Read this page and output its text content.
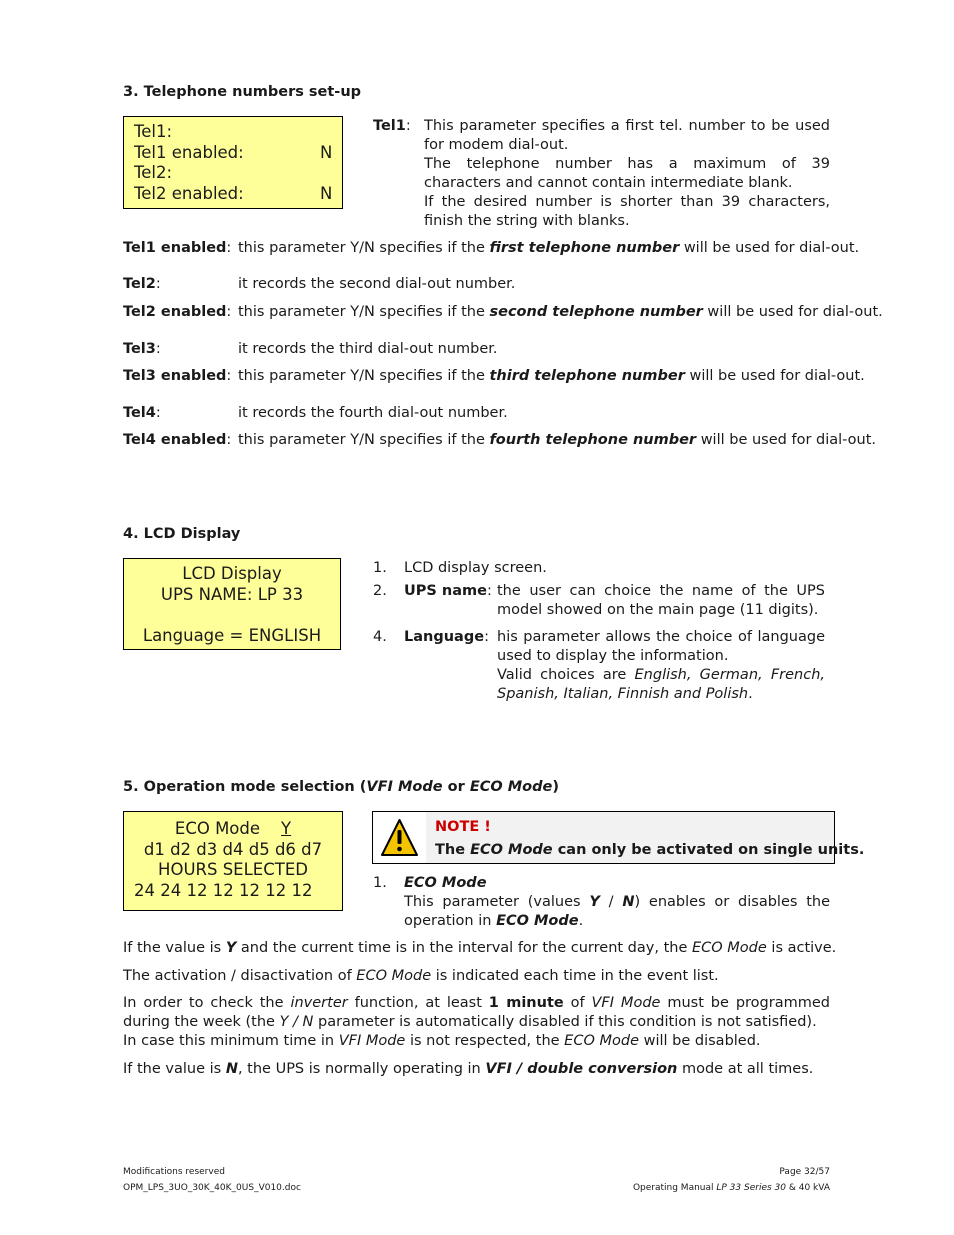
3. Telephone numbers set-up
Tel1:
Tel1 enabled:	N
Tel2:
Tel2 enabled:	N
Tel1: This parameter specifies a first tel. number to be used for modem dial-out.
The telephone number has a maximum of 39 characters and cannot contain intermediate blank.
If the desired number is shorter than 39 characters, finish the string with blanks.
Tel1 enabled: this parameter Y/N specifies if the first telephone number will be used for dial-out.
Tel2:	it records the second dial-out number.
Tel2 enabled: this parameter Y/N specifies if the second telephone number will be used for dial-out.
Tel3:	it records the third dial-out number.
Tel3 enabled: this parameter Y/N specifies if the third telephone number will be used for dial-out.
Tel4:	it records the fourth dial-out number.
Tel4 enabled: this parameter Y/N specifies if the fourth telephone number will be used for dial-out.
4. LCD Display
LCD Display
UPS NAME: LP 33
Language = ENGLISH
1. LCD display screen.
2. UPS name: the user can choice the name of the UPS model showed on the main page (11 digits).
4. Language: his parameter allows the choice of language used to display the information.
Valid choices are English, German, French, Spanish, Italian, Finnish and Polish.
5. Operation mode selection (VFI Mode or ECO Mode)
ECO Mode Y
d1 d2 d3 d4 d5 d6 d7
HOURS SELECTED
24 24 12 12 12 12 12
NOTE !
The ECO Mode can only be activated on single units.
1. ECO Mode
This parameter (values Y / N) enables or disables the operation in ECO Mode.
If the value is Y and the current time is in the interval for the current day, the ECO Mode is active.
The activation / disactivation of ECO Mode is indicated each time in the event list.
In order to check the inverter function, at least 1 minute of VFI Mode must be programmed during the week (the Y / N parameter is automatically disabled if this condition is not satisfied).
In case this minimum time in VFI Mode is not respected, the ECO Mode will be disabled.
If the value is N, the UPS is normally operating in VFI / double conversion mode at all times.
Modifications reserved
OPM_LPS_3UO_30K_40K_0US_V010.doc
Page 32/57
Operating Manual LP 33 Series 30 & 40 kVA
